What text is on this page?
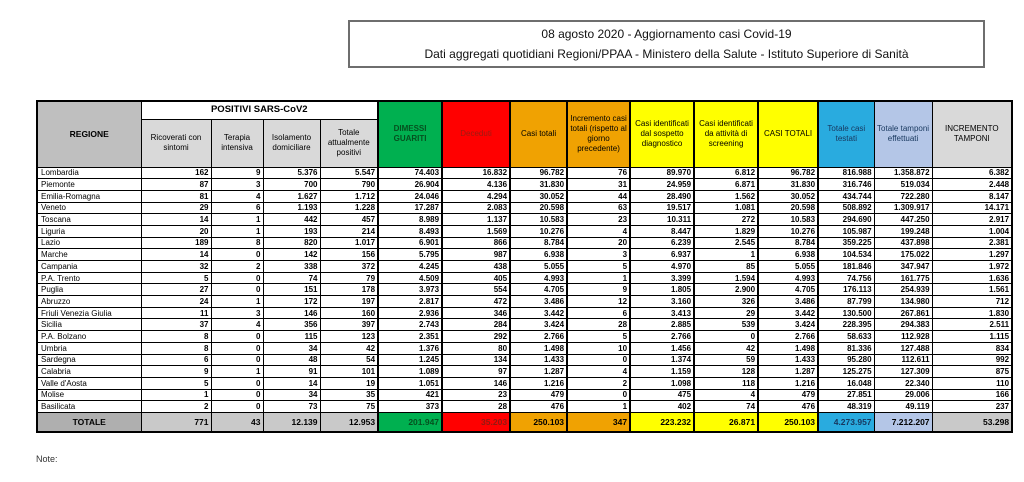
08 agosto 2020 - Aggiornamento casi Covid-19
Dati aggregati quotidiani Regioni/PPAA - Ministero della Salute - Istituto Superiore di Sanità
REGIONE	POSITIVI SARS-CoV2				DIMESSI GUARITI	Deceduti	Casi totali	Incremento casi totali (rispetto al giorno precedente)	Casi identificati dal sospetto diagnostico	Casi identificati da attività di screening	CASI TOTALI	Totale casi testati	Totale tamponi effettuati	INCREMENTO TAMPONI
	Ricoverati con sintomi	Terapia intensiva	Isolamento domiciliare	Totale attualmente positivi										
Lombardia	162	9	5.376	5.547	74.403	16.832	96.782	76	89.970	6.812	96.782	816.988	1.358.872	6.382
Piemonte	87	3	700	790	26.904	4.136	31.830	31	24.959	6.871	31.830	316.746	519.034	2.448
Emilia-Romagna	81	4	1.627	1.712	24.046	4.294	30.052	44	28.490	1.562	30.052	434.744	722.280	8.147
Veneto	29	6	1.193	1.228	17.287	2.083	20.598	63	19.517	1.081	20.598	508.892	1.309.917	14.171
Toscana	14	1	442	457	8.989	1.137	10.583	23	10.311	272	10.583	294.690	447.250	2.917
Liguria	20	1	193	214	8.493	1.569	10.276	4	8.447	1.829	10.276	105.987	199.248	1.004
Lazio	189	8	820	1.017	6.901	866	8.784	20	6.239	2.545	8.784	359.225	437.898	2.381
Marche	14	0	142	156	5.795	987	6.938	3	6.937	1	6.938	104.534	175.022	1.297
Campania	32	2	338	372	4.245	438	5.055	5	4.970	85	5.055	181.846	347.947	1.972
P.A. Trento	5	0	74	79	4.509	405	4.993	1	3.399	1.594	4.993	74.756	161.775	1.636
Puglia	27	0	151	178	3.973	554	4.705	9	1.805	2.900	4.705	176.113	254.939	1.561
Abruzzo	24	1	172	197	2.817	472	3.486	12	3.160	326	3.486	87.799	134.980	712
Friuli Venezia Giulia	11	3	146	160	2.936	346	3.442	6	3.413	29	3.442	130.500	267.861	1.830
Sicilia	37	4	356	397	2.743	284	3.424	28	2.885	539	3.424	228.395	294.383	2.511
P.A. Bolzano	8	0	115	123	2.351	292	2.766	5	2.766	0	2.766	58.633	112.928	1.115
Umbria	8	0	34	42	1.376	80	1.498	10	1.456	42	1.498	81.336	127.488	834
Sardegna	6	0	48	54	1.245	134	1.433	0	1.374	59	1.433	95.280	112.611	992
Calabria	9	1	91	101	1.089	97	1.287	4	1.159	128	1.287	125.275	127.309	875
Valle d'Aosta	5	0	14	19	1.051	146	1.216	2	1.098	118	1.216	16.048	22.340	110
Molise	1	0	34	35	421	23	479	0	475	4	479	27.851	29.006	166
Basilicata	2	0	73	75	373	28	476	1	402	74	476	48.319	49.119	237
TOTALE	771	43	12.139	12.953	201.947	35.203	250.103	347	223.232	26.871	250.103	4.273.957	7.212.207	53.298
Note:
